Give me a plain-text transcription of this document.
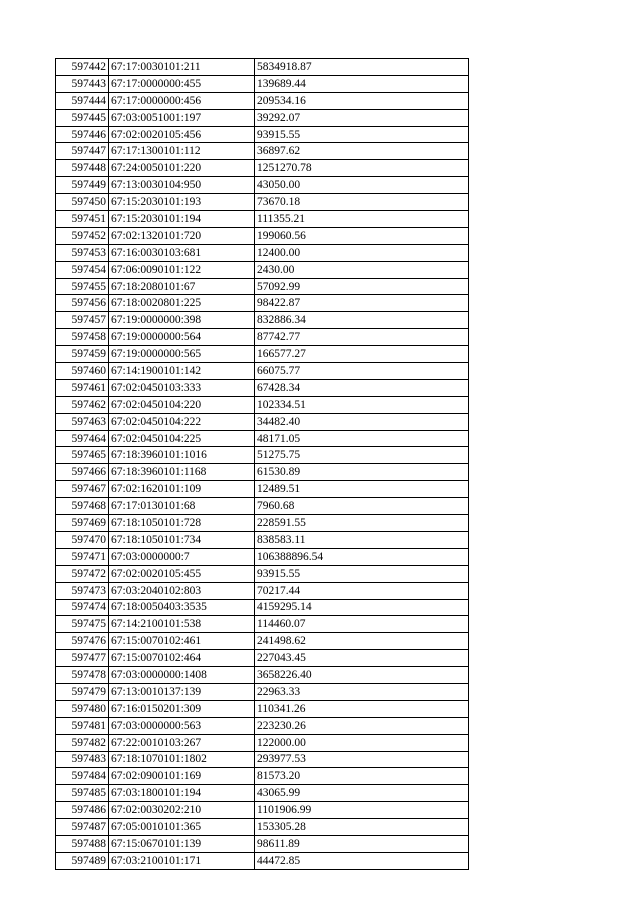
597442	67:17:0030101:211	5834918.87
597443	67:17:0000000:455	139689.44
597444	67:17:0000000:456	209534.16
597445	67:03:0051001:197	39292.07
597446	67:02:0020105:456	93915.55
597447	67:17:1300101:112	36897.62
597448	67:24:0050101:220	1251270.78
597449	67:13:0030104:950	43050.00
597450	67:15:2030101:193	73670.18
597451	67:15:2030101:194	111355.21
597452	67:02:1320101:720	199060.56
597453	67:16:0030103:681	12400.00
597454	67:06:0090101:122	2430.00
597455	67:18:2080101:67	57092.99
597456	67:18:0020801:225	98422.87
597457	67:19:0000000:398	832886.34
597458	67:19:0000000:564	87742.77
597459	67:19:0000000:565	166577.27
597460	67:14:1900101:142	66075.77
597461	67:02:0450103:333	67428.34
597462	67:02:0450104:220	102334.51
597463	67:02:0450104:222	34482.40
597464	67:02:0450104:225	48171.05
597465	67:18:3960101:1016	51275.75
597466	67:18:3960101:1168	61530.89
597467	67:02:1620101:109	12489.51
597468	67:17:0130101:68	7960.68
597469	67:18:1050101:728	228591.55
597470	67:18:1050101:734	838583.11
597471	67:03:0000000:7	106388896.54
597472	67:02:0020105:455	93915.55
597473	67:03:2040102:803	70217.44
597474	67:18:0050403:3535	4159295.14
597475	67:14:2100101:538	114460.07
597476	67:15:0070102:461	241498.62
597477	67:15:0070102:464	227043.45
597478	67:03:0000000:1408	3658226.40
597479	67:13:0010137:139	22963.33
597480	67:16:0150201:309	110341.26
597481	67:03:0000000:563	223230.26
597482	67:22:0010103:267	122000.00
597483	67:18:1070101:1802	293977.53
597484	67:02:0900101:169	81573.20
597485	67:03:1800101:194	43065.99
597486	67:02:0030202:210	1101906.99
597487	67:05:0010101:365	153305.28
597488	67:15:0670101:139	98611.89
597489	67:03:2100101:171	44472.85
